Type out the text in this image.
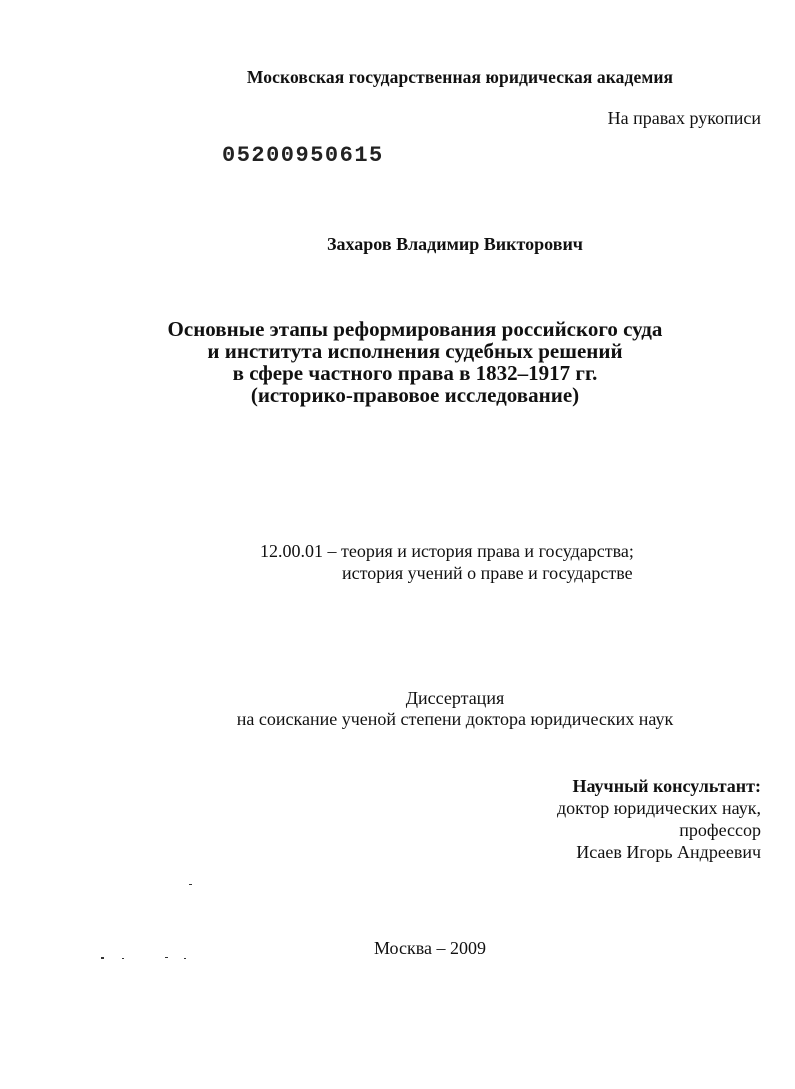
Московская государственная юридическая академия
На правах рукописи
05200950615
Захаров Владимир Викторович
Основные этапы реформирования российского суда
и института исполнения судебных решений
в сфере частного права в 1832–1917 гг.
(историко-правовое исследование)
12.00.01 – теория и история права и государства;
история учений о праве и государстве
Диссертация
на соискание ученой степени доктора юридических наук
Научный консультант:
доктор юридических наук,
профессор
Исаев Игорь Андреевич
Москва – 2009
